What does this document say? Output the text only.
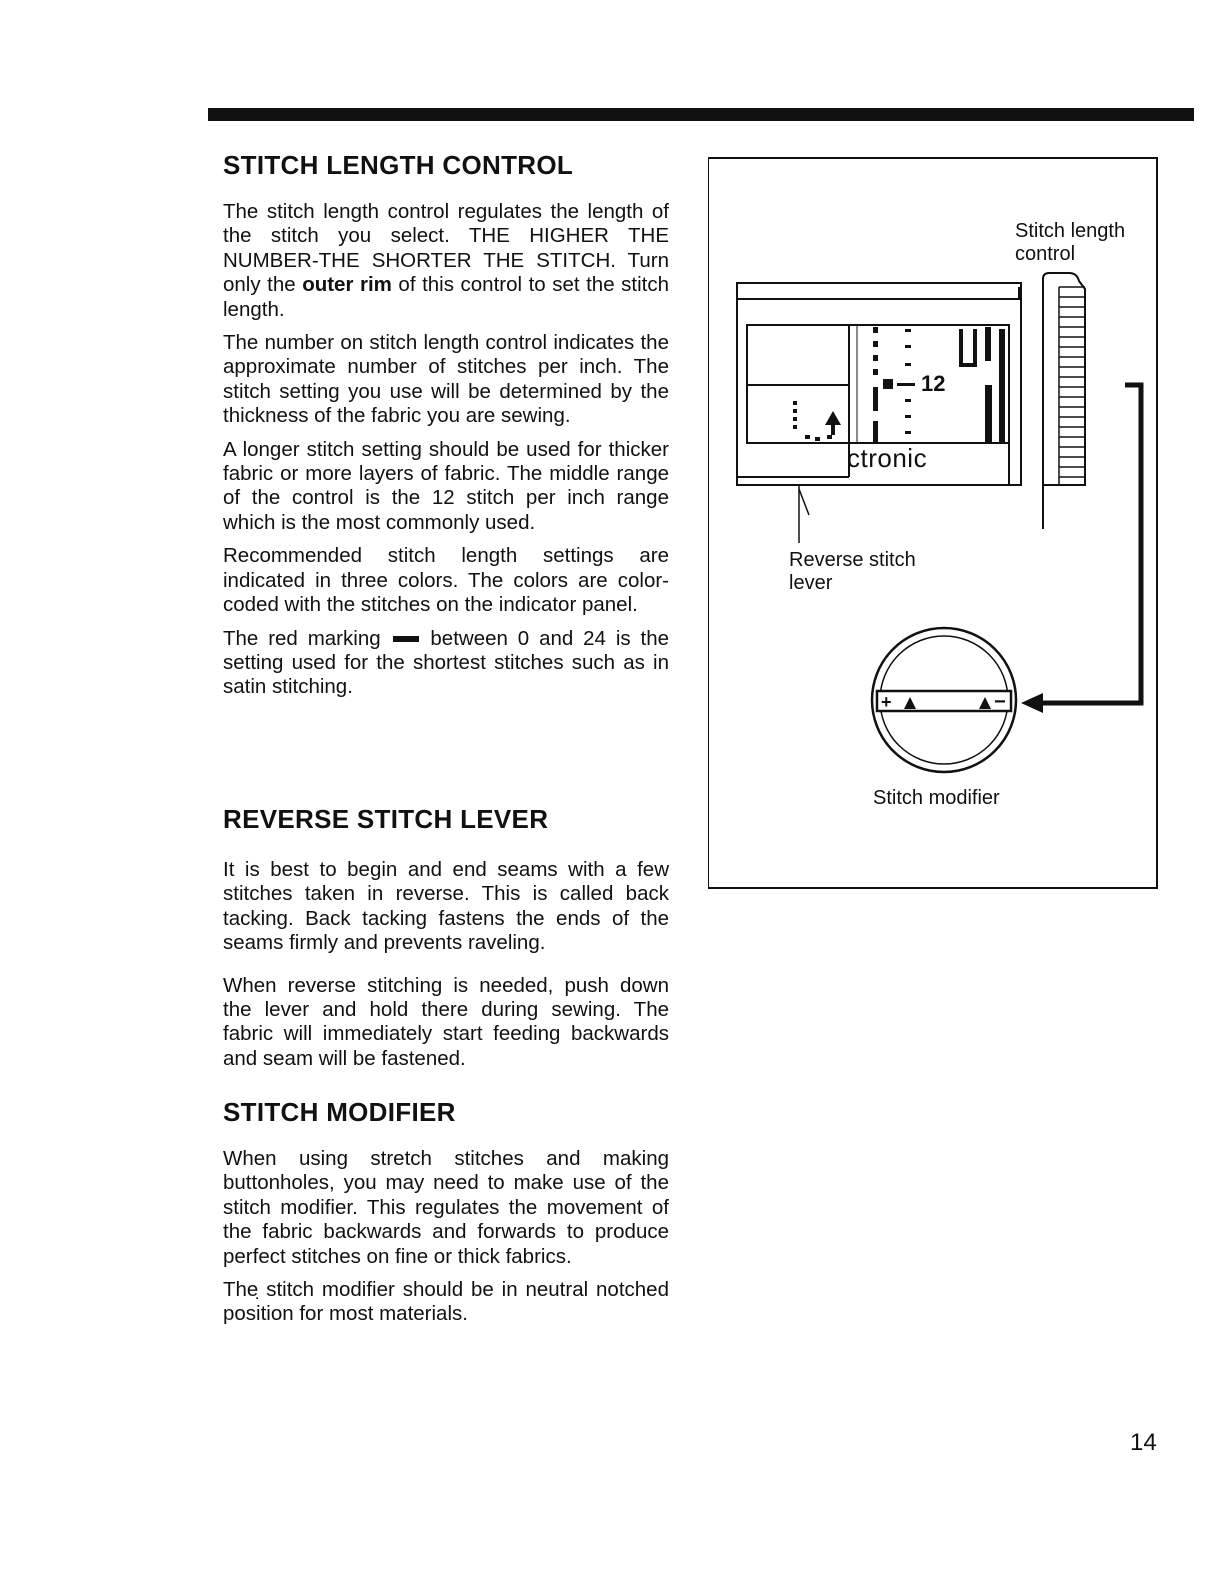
STITCH LENGTH CONTROL

The stitch length control regulates the length of the stitch you select. THE HIGHER THE NUMBER-THE SHORTER THE STITCH. Turn only the outer rim of this control to set the stitch length.

The number on stitch length control indicates the approximate number of stitches per inch. The stitch setting you use will be determined by the thickness of the fabric you are sewing.

A longer stitch setting should be used for thicker fabric or more layers of fabric. The middle range of the control is the 12 stitch per inch range which is the most commonly used.

Recommended stitch length settings are indicated in three colors. The colors are color-coded with the stitches on the indicator panel.

The red marking between 0 and 24 is the setting used for the shortest stitches such as in satin stitching.

REVERSE STITCH LEVER

It is best to begin and end seams with a few stitches taken in reverse. This is called back tacking. Back tacking fastens the ends of the seams firmly and prevents raveling.

When reverse stitching is needed, push down the lever and hold there during sewing. The fabric will immediately start feeding backwards and seam will be fastened.

STITCH MODIFIER

When using stretch stitches and making buttonholes, you may need to make use of the stitch modifier. This regulates the movement of the fabric backwards and forwards to produce perfect stitches on fine or thick fabrics.

The ̣stitch modifier should be in neutral notched position for most materials.

+	−
12
ctronic
Stitch length control
Reverse stitch lever
Stitch modifier
14
